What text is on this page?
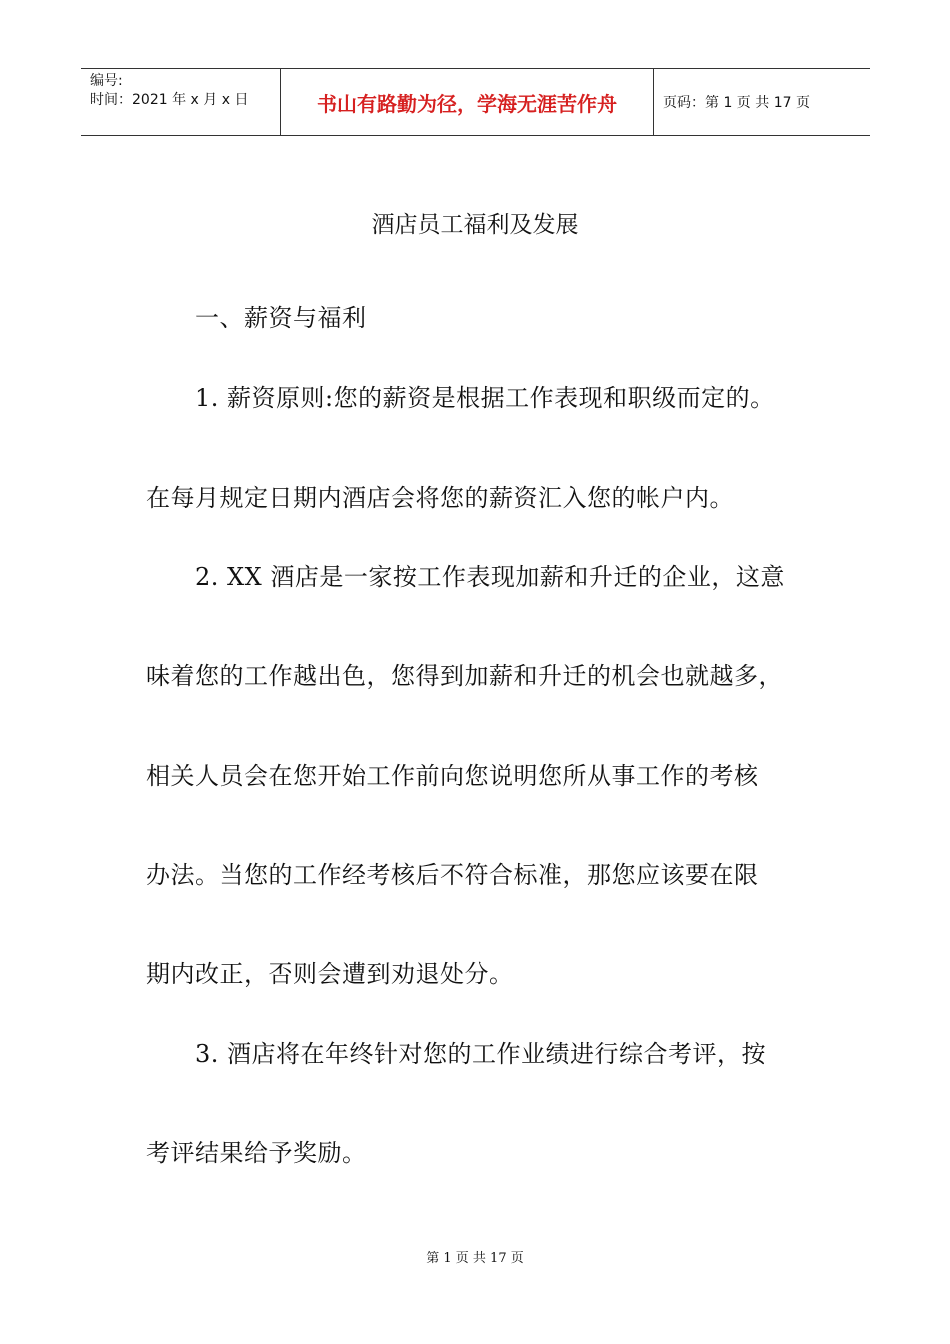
编号:
时间：2021 年 x 月 x 日	书山有路勤为径，学海无涯苦作舟	页码：第 1 页 共 17 页
酒店员工福利及发展
一、薪资与福利
1. 薪资原则:您的薪资是根据工作表现和职级而定的。
在每月规定日期内酒店会将您的薪资汇入您的帐户内。
2. XX 酒店是一家按工作表现加薪和升迁的企业，这意
味着您的工作越出色，您得到加薪和升迁的机会也就越多，
相关人员会在您开始工作前向您说明您所从事工作的考核
办法。当您的工作经考核后不符合标准，那您应该要在限
期内改正，否则会遭到劝退处分。
3. 酒店将在年终针对您的工作业绩进行综合考评，按
考评结果给予奖励。
第 1 页 共 17 页
